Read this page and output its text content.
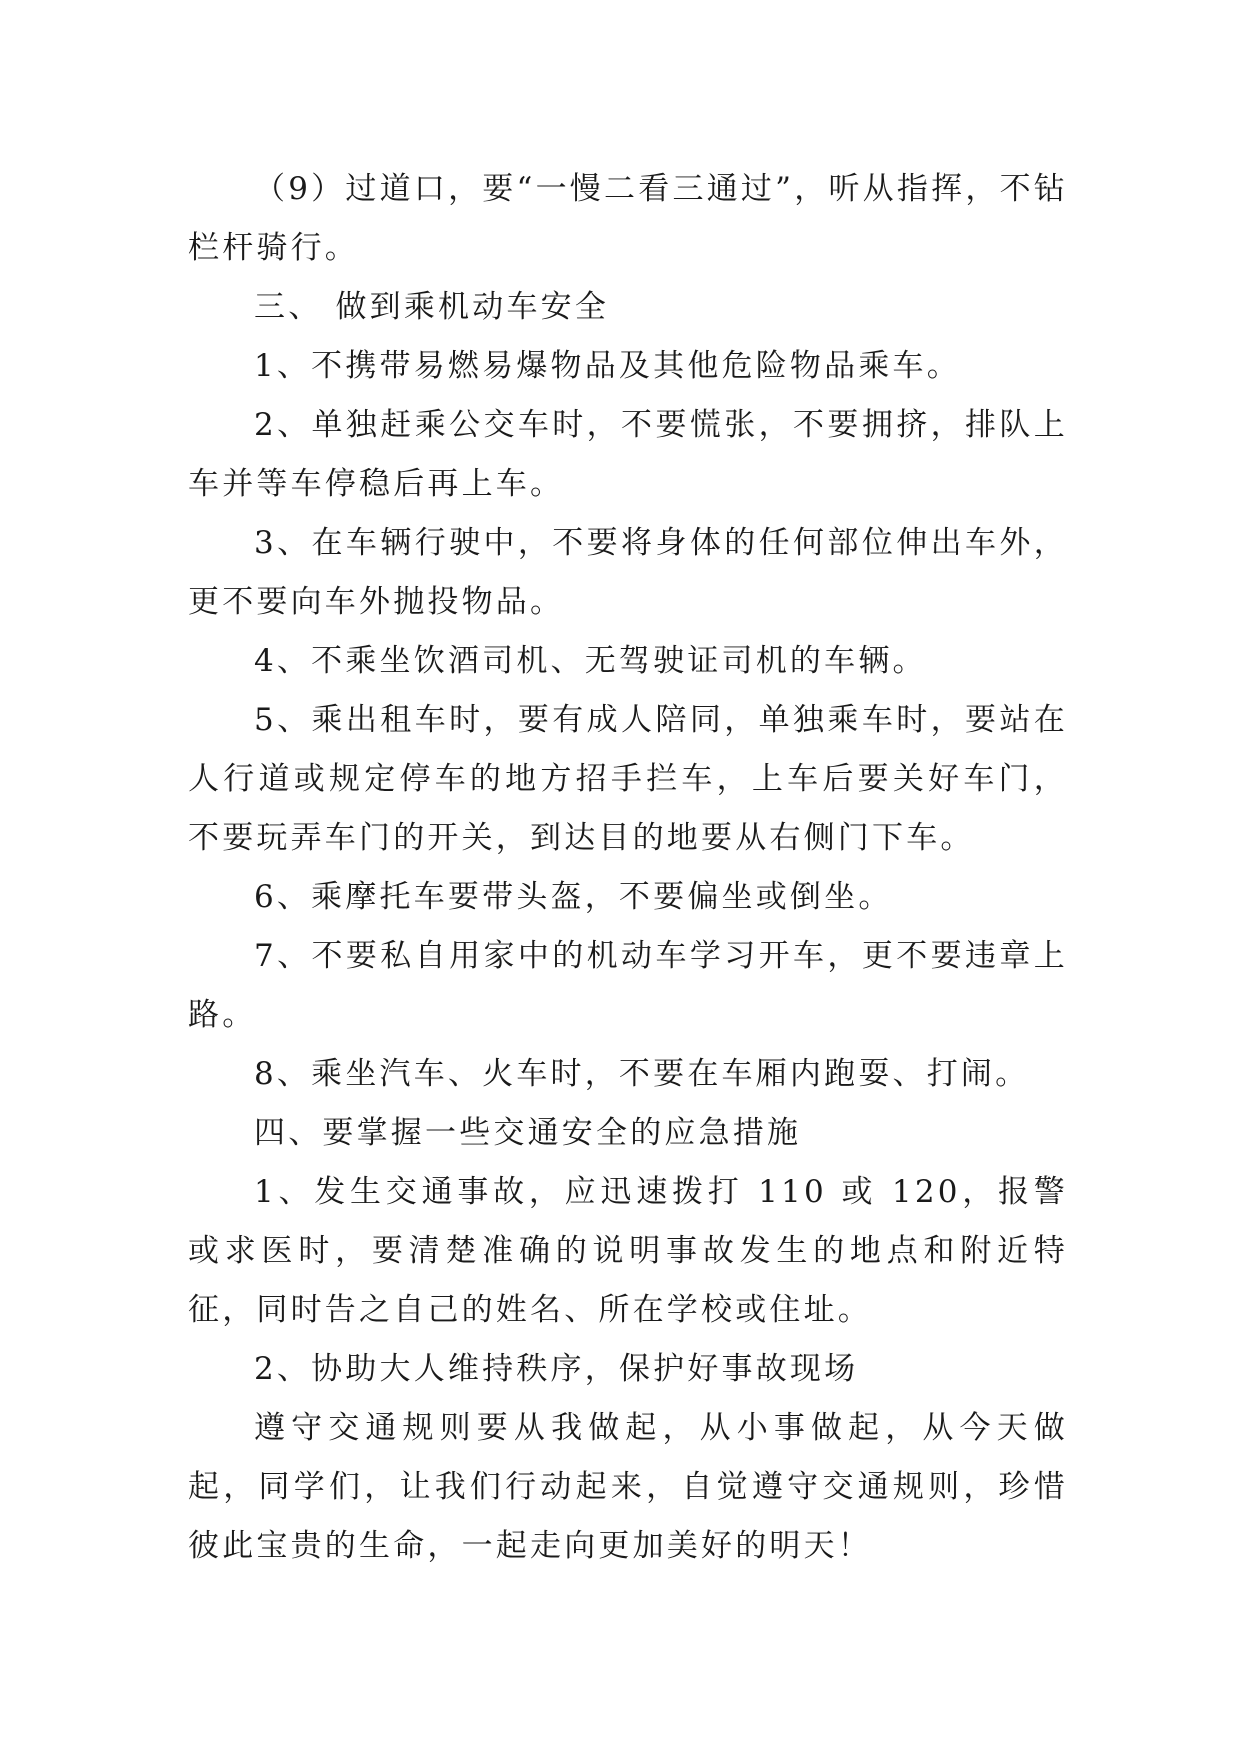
（9）过道口，要“一慢二看三通过”，听从指挥，不钻栏杆骑行。

三、 做到乘机动车安全

1、不携带易燃易爆物品及其他危险物品乘车。

2、单独赶乘公交车时，不要慌张，不要拥挤，排队上车并等车停稳后再上车。

3、在车辆行驶中，不要将身体的任何部位伸出车外，更不要向车外抛投物品。

4、不乘坐饮酒司机、无驾驶证司机的车辆。

5、乘出租车时，要有成人陪同，单独乘车时，要站在人行道或规定停车的地方招手拦车，上车后要关好车门，不要玩弄车门的开关，到达目的地要从右侧门下车。

6、乘摩托车要带头盔，不要偏坐或倒坐。

7、不要私自用家中的机动车学习开车，更不要违章上路。

8、乘坐汽车、火车时，不要在车厢内跑耍、打闹。

四、要掌握一些交通安全的应急措施

1、发生交通事故，应迅速拨打 110 或 120，报警或求医时，要清楚准确的说明事故发生的地点和附近特征，同时告之自己的姓名、所在学校或住址。

2、协助大人维持秩序，保护好事故现场

遵守交通规则要从我做起，从小事做起，从今天做起，同学们，让我们行动起来，自觉遵守交通规则，珍惜彼此宝贵的生命，一起走向更加美好的明天！
